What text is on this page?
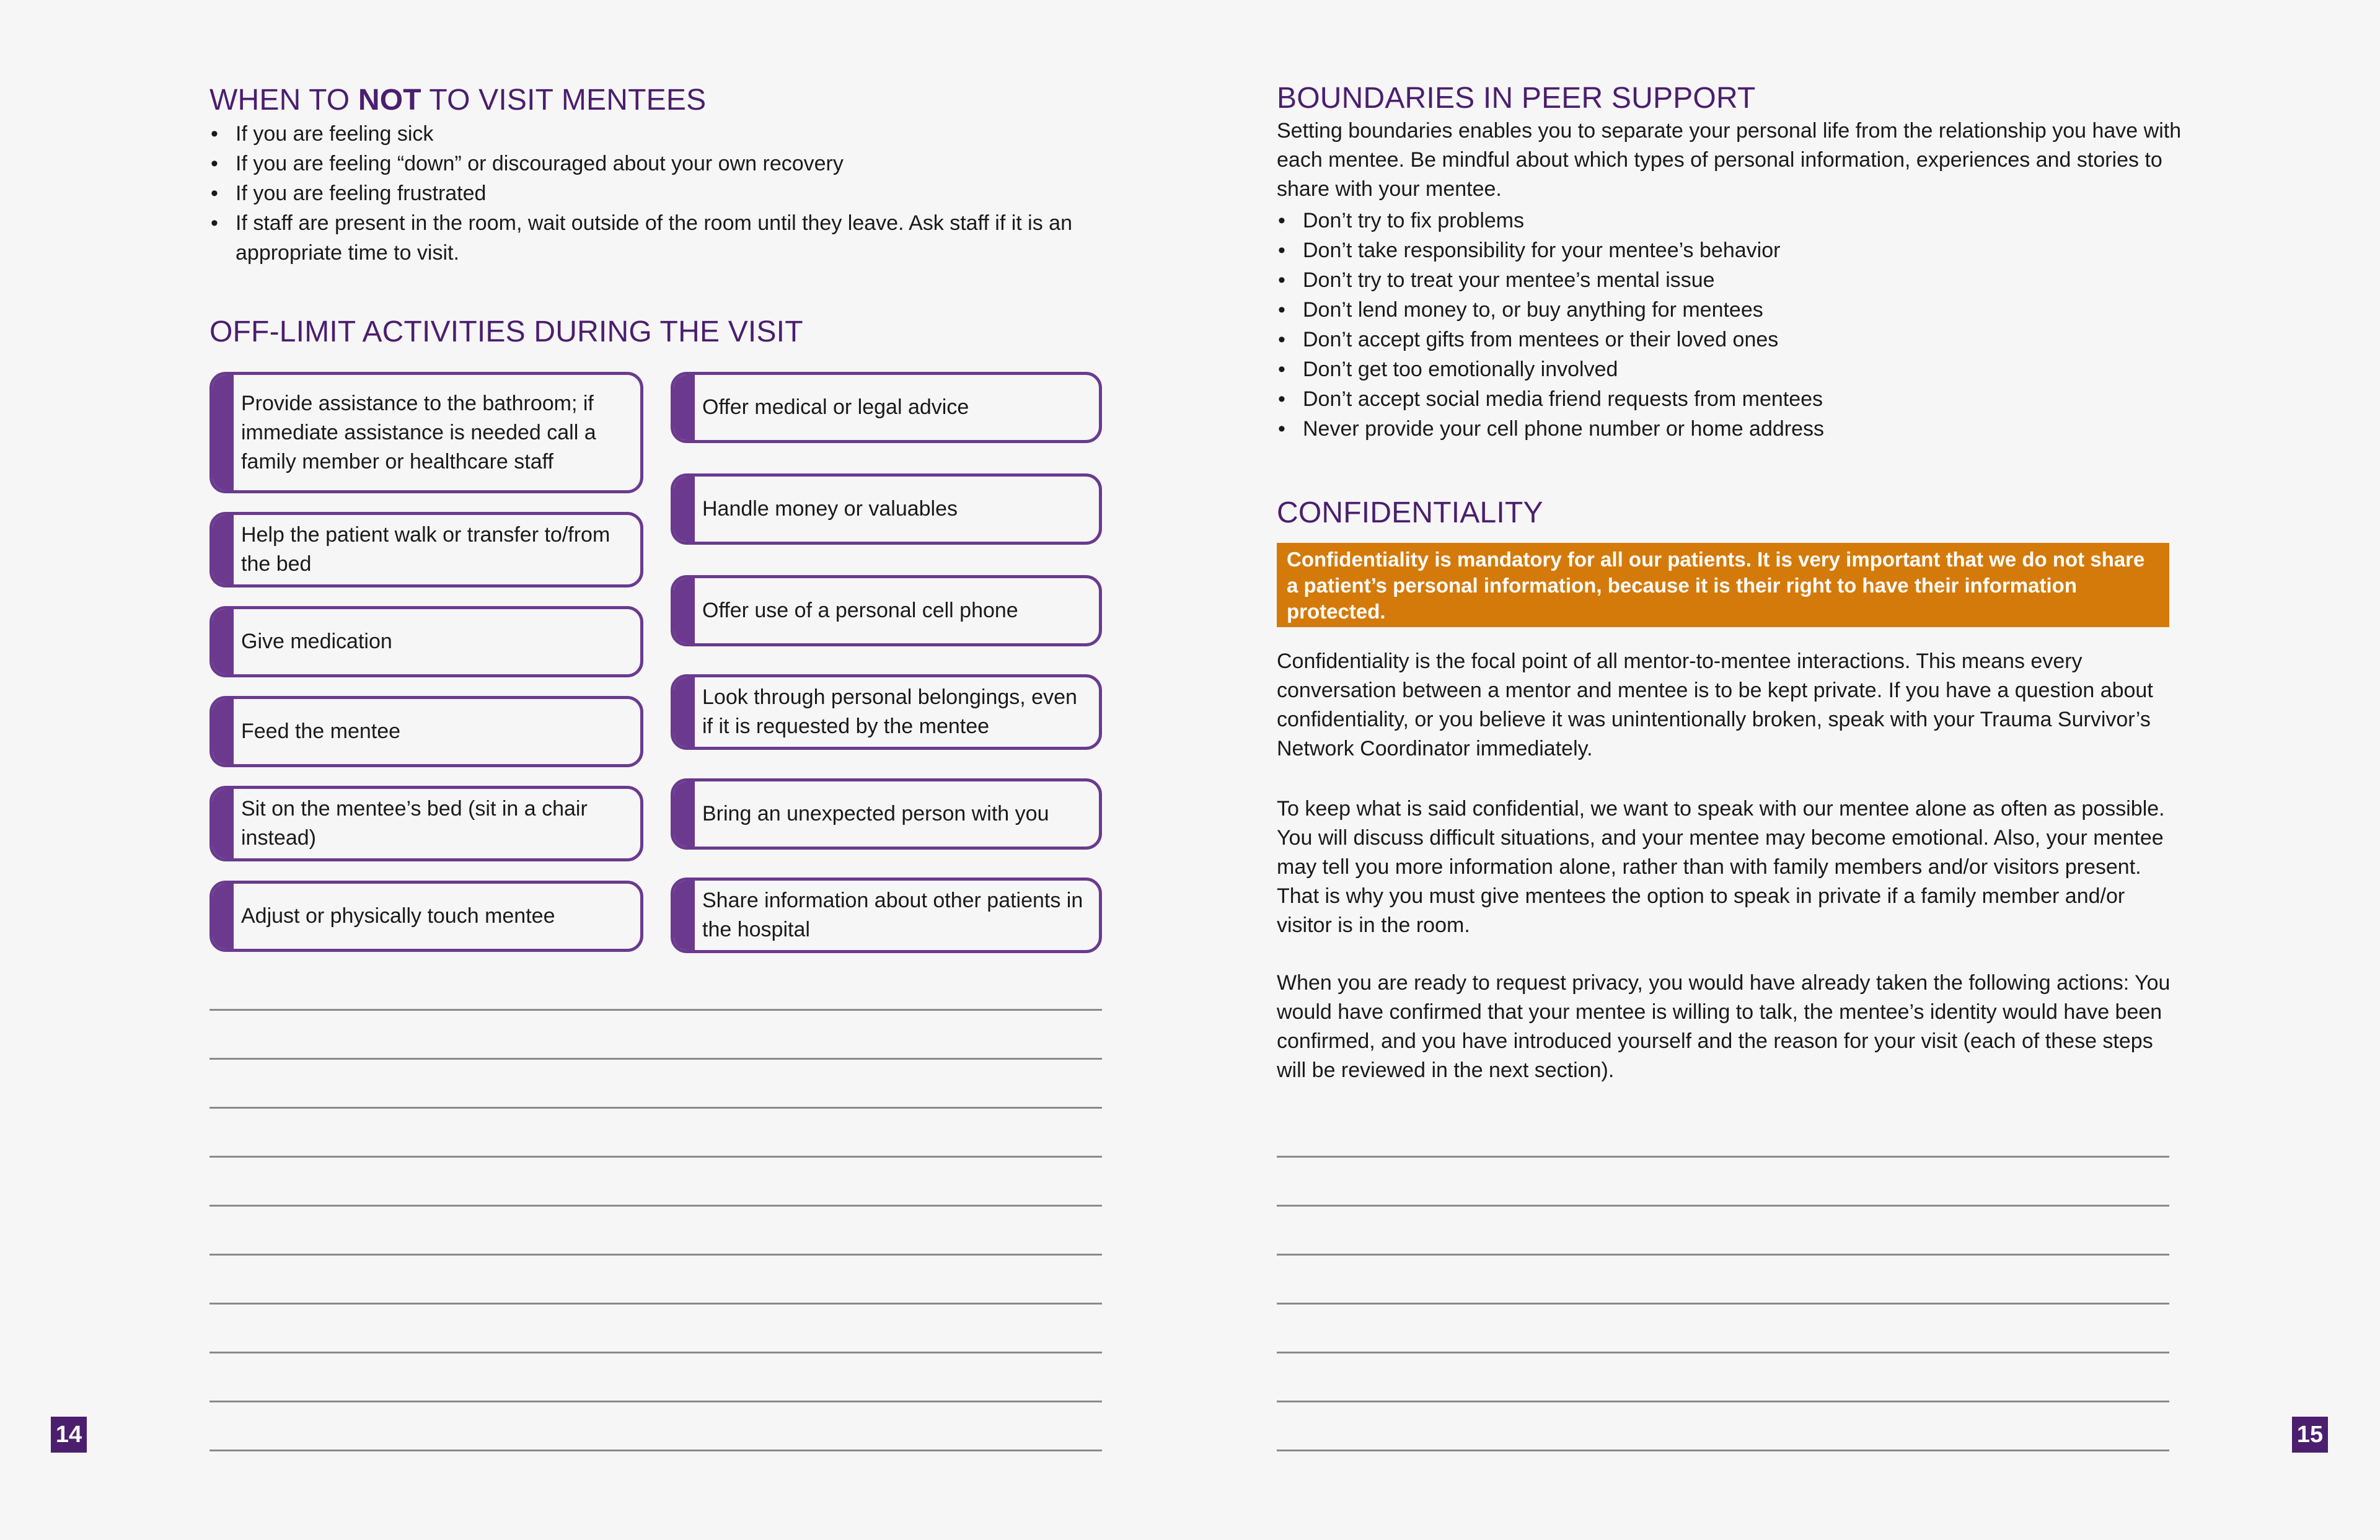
WHEN TO NOT TO VISIT MENTEES
• If you are feeling sick
• If you are feeling “down” or discouraged about your own recovery
• If you are feeling frustrated
• If staff are present in the room, wait outside of the room until they leave. Ask staff if it is an appropriate time to visit.
OFF-LIMIT ACTIVITIES DURING THE VISIT
Provide assistance to the bathroom; if immediate assistance is needed call a family member or healthcare staff
Help the patient walk or transfer to/from the bed
Give medication
Feed the mentee
Sit on the mentee’s bed (sit in a chair instead)
Adjust or physically touch mentee
Offer medical or legal advice
Handle money or valuables
Offer use of a personal cell phone
Look through personal belongings, even if it is requested by the mentee
Bring an unexpected person with you
Share information about other patients in the hospital
14
BOUNDARIES IN PEER SUPPORT
Setting boundaries enables you to separate your personal life from the relationship you have with each mentee. Be mindful about which types of personal information, experiences and stories to share with your mentee.
• Don’t try to fix problems
• Don’t take responsibility for your mentee’s behavior
• Don’t try to treat your mentee’s mental issue
• Don’t lend money to, or buy anything for mentees
• Don’t accept gifts from mentees or their loved ones
• Don’t get too emotionally involved
• Don’t accept social media friend requests from mentees
• Never provide your cell phone number or home address
CONFIDENTIALITY
Confidentiality is mandatory for all our patients. It is very important that we do not share a patient’s personal information, because it is their right to have their information protected.
Confidentiality is the focal point of all mentor-to-mentee interactions. This means every conversation between a mentor and mentee is to be kept private. If you have a question about confidentiality, or you believe it was unintentionally broken, speak with your Trauma Survivor’s Network Coordinator immediately.
To keep what is said confidential, we want to speak with our mentee alone as often as possible. You will discuss difficult situations, and your mentee may become emotional. Also, your mentee may tell you more information alone, rather than with family members and/or visitors present. That is why you must give mentees the option to speak in private if a family member and/or visitor is in the room.
When you are ready to request privacy, you would have already taken the following actions: You would have confirmed that your mentee is willing to talk, the mentee’s identity would have been confirmed, and you have introduced yourself and the reason for your visit (each of these steps will be reviewed in the next section).
15
